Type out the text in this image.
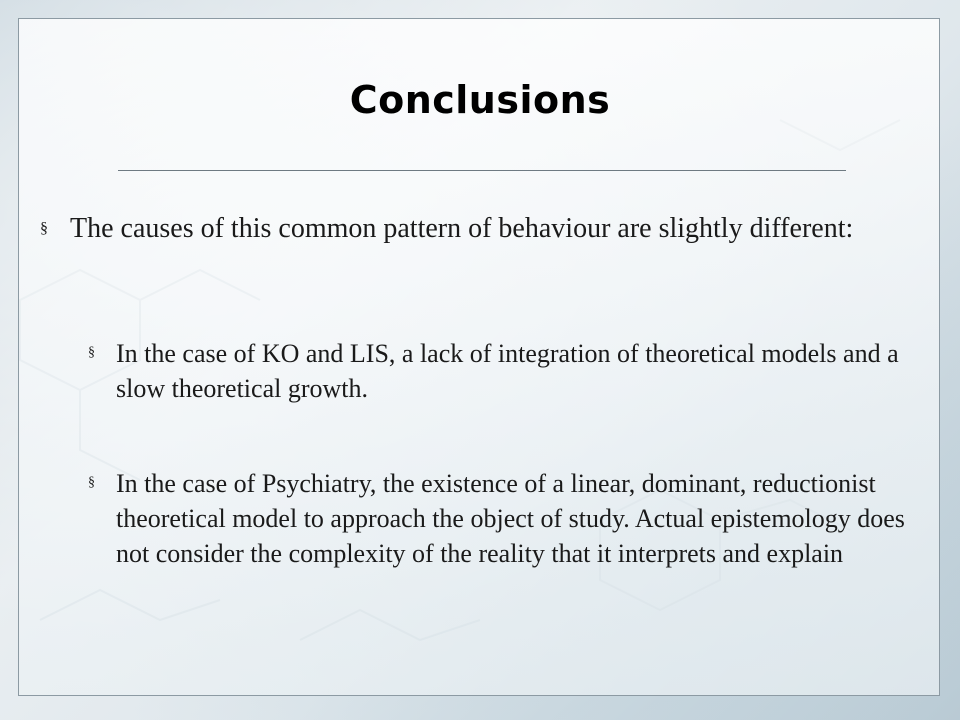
Conclusions
§ The causes of this common pattern of behaviour are slightly different:
§ In the case of KO and LIS, a lack of integration of theoretical models and a slow theoretical growth.
§ In the case of Psychiatry, the existence of a linear, dominant, reductionist theoretical model to approach the object of study. Actual epistemology does not consider the complexity of the reality that it interprets and explain
